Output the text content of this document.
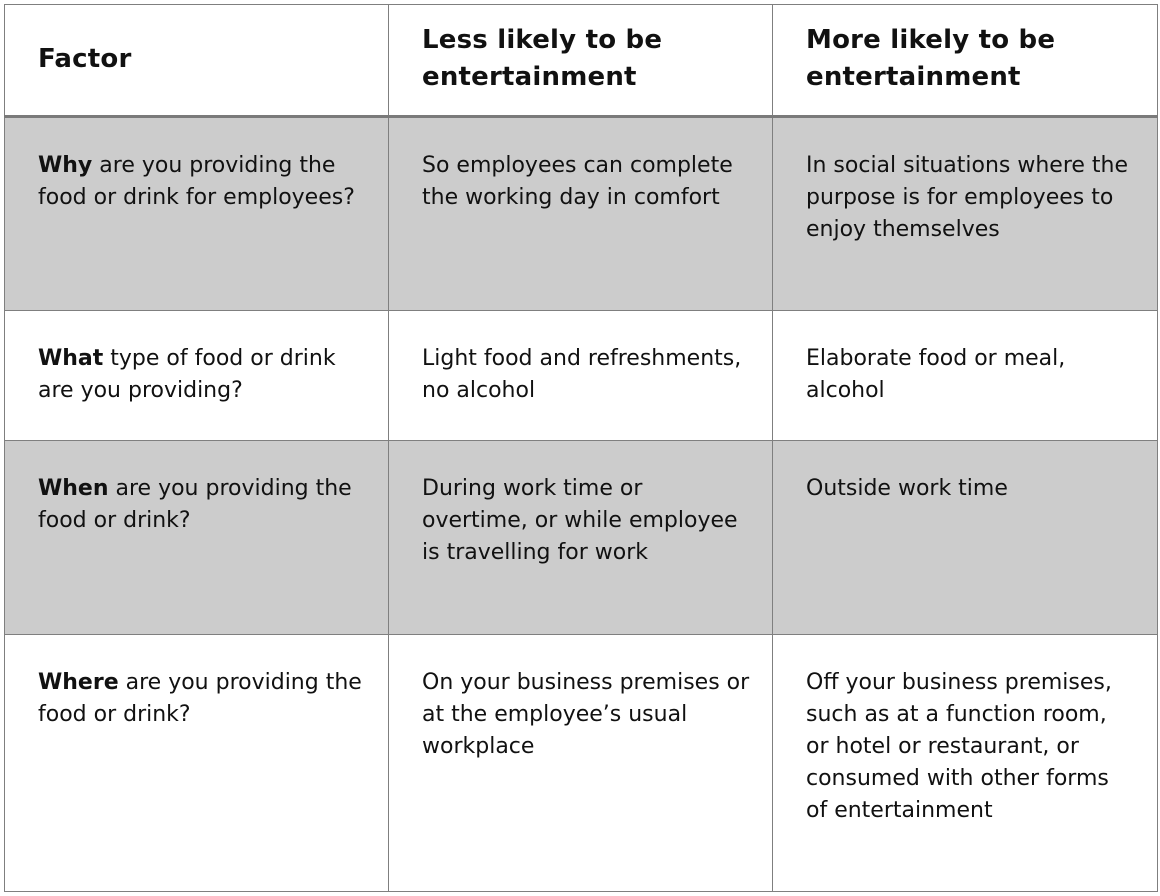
Factor	Less likely to be entertainment	More likely to be entertainment
Why are you providing the food or drink for employees?	So employees can complete the working day in comfort	In social situations where the purpose is for employees to enjoy themselves
What type of food or drink are you providing?	Light food and refreshments, no alcohol	Elaborate food or meal, alcohol
When are you providing the food or drink?	During work time or overtime, or while employee is travelling for work	Outside work time
Where are you providing the food or drink?	On your business premises or at the employee’s usual workplace	Off your business premises, such as at a function room, or hotel or restaurant, or consumed with other forms of entertainment
